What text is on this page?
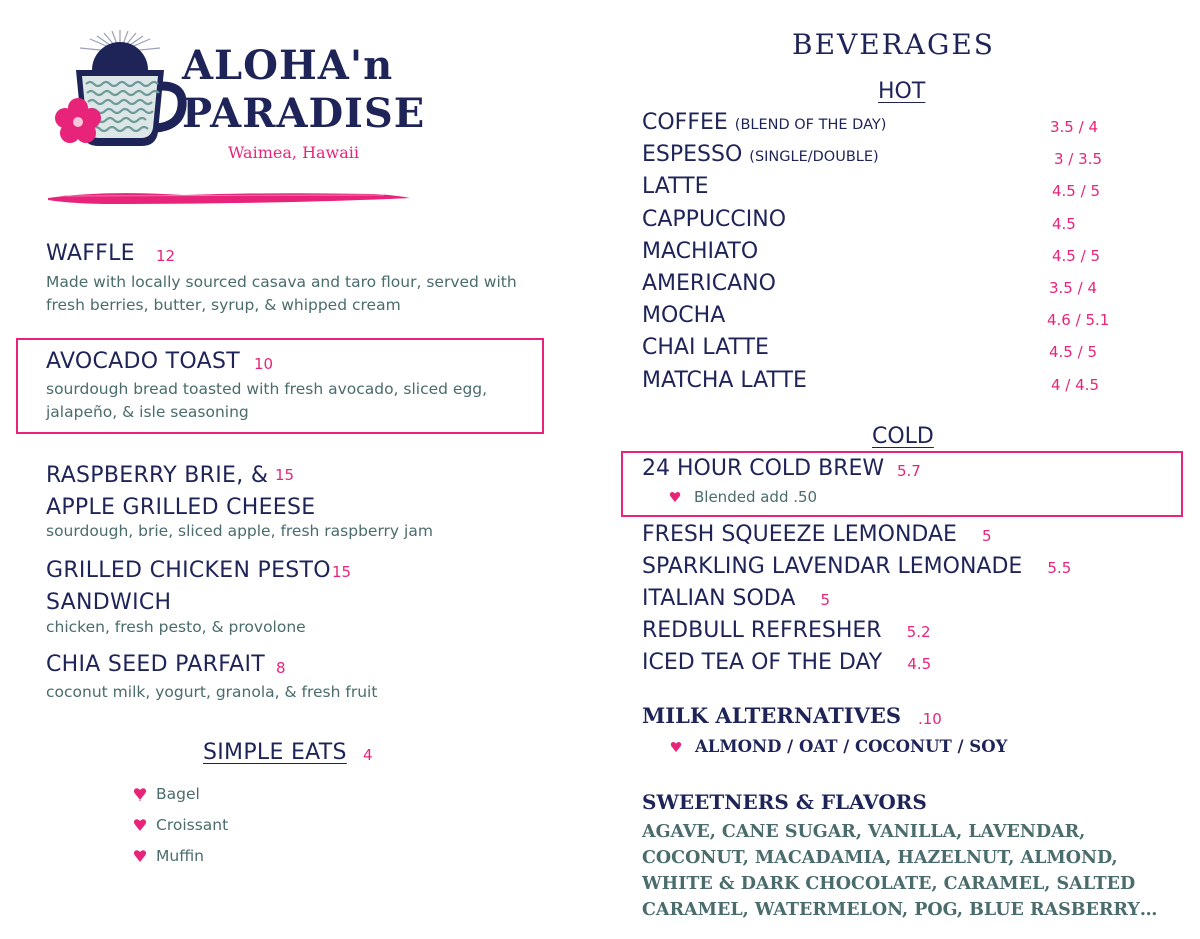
ALOHA'n
PARADISE
Waimea, Hawaii
WAFFLE 12
Made with locally sourced casava and taro flour, served with
fresh berries, butter, syrup, & whipped cream
AVOCADO TOAST 10
sourdough bread toasted with fresh avocado, sliced egg,
jalapeño, & isle seasoning
RASPBERRY BRIE, &
APPLE GRILLED CHEESE
15
sourdough, brie, sliced apple, fresh raspberry jam
GRILLED CHICKEN PESTO
SANDWICH
15
chicken, fresh pesto, & provolone
CHIA SEED PARFAIT 8
coconut milk, yogurt, granola, & fresh fruit
SIMPLE EATS 4
Bagel
Croissant
Muffin
BEVERAGES
HOT
COFFEE (BLEND OF THE DAY)	3.5 / 4
ESPESSO (SINGLE/DOUBLE)	3 / 3.5
LATTE	4.5 / 5
CAPPUCCINO	4.5
MACHIATO	4.5 / 5
AMERICANO	3.5 / 4
MOCHA	4.6 / 5.1
CHAI LATTE	4.5 / 5
MATCHA LATTE	4 / 4.5
COLD
24 HOUR COLD BREW 5.7
Blended add .50
FRESH SQUEEZE LEMONDAE 5
SPARKLING LAVENDAR LEMONADE 5.5
ITALIAN SODA 5
REDBULL REFRESHER 5.2
ICED TEA OF THE DAY 4.5
MILK ALTERNATIVES .10
ALMOND / OAT / COCONUT / SOY
SWEETNERS & FLAVORS
AGAVE, CANE SUGAR, VANILLA, LAVENDAR,
COCONUT, MACADAMIA, HAZELNUT, ALMOND,
WHITE & DARK CHOCOLATE, CARAMEL, SALTED
CARAMEL, WATERMELON, POG, BLUE RASBERRY…
